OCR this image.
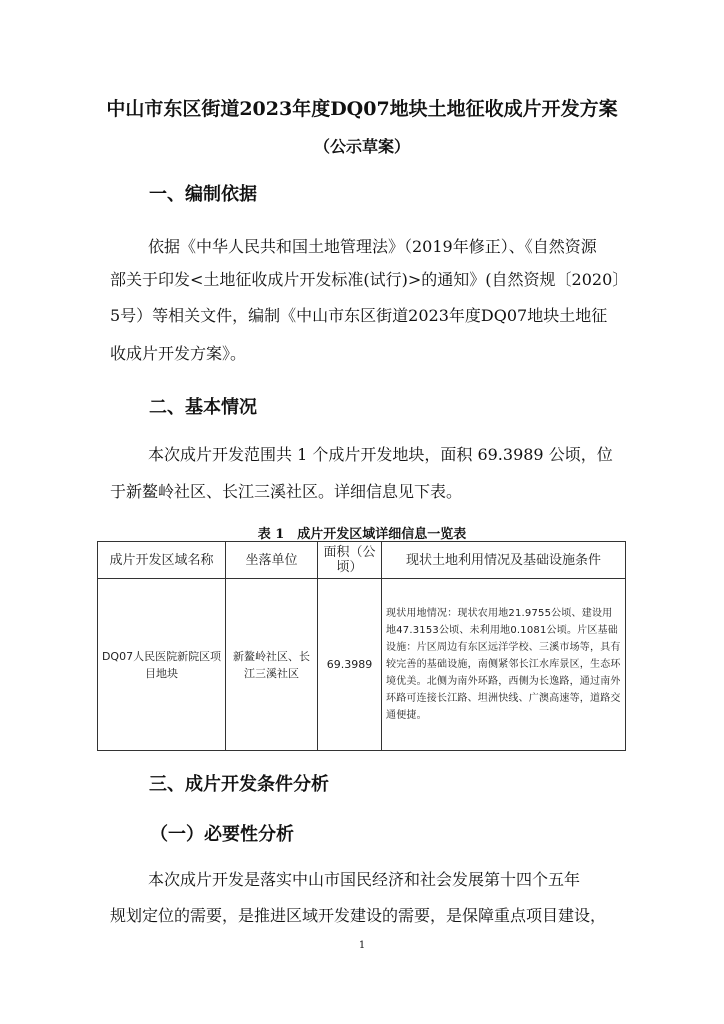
中山市东区街道2023年度DQ07地块土地征收成片开发方案
（公示草案）
一、编制依据
依据《中华人民共和国土地管理法》（2019年修正）、《自然资源
部关于印发<土地征收成片开发标准(试行)>的通知》(自然资规〔2020〕
5号）等相关文件，编制《中山市东区街道2023年度DQ07地块土地征
收成片开发方案》。
二、基本情况
本次成片开发范围共 1 个成片开发地块，面积 69.3989 公顷，位
于新鳌岭社区、长江三溪社区。详细信息见下表。
表 1　成片开发区域详细信息一览表
成片开发区域名称	坐落单位	面积（公顷）	现状土地利用情况及基础设施条件
DQ07人民医院新院区项目地块	新鳌岭社区、长江三溪社区	69.3989	现状用地情况：现状农用地21.9755公顷、建设用地47.3153公顷、未利用地0.1081公顷。片区基础设施：片区周边有东区远洋学校、三溪市场等，具有较完善的基础设施，南侧紧邻长江水库景区，生态环境优美。北侧为南外环路，西侧为长逸路，通过南外环路可连接长江路、坦洲快线、广澳高速等，道路交通便捷。
三、成片开发条件分析
（一）必要性分析
本次成片开发是落实中山市国民经济和社会发展第十四个五年
规划定位的需要，是推进区域开发建设的需要，是保障重点项目建设，
1
